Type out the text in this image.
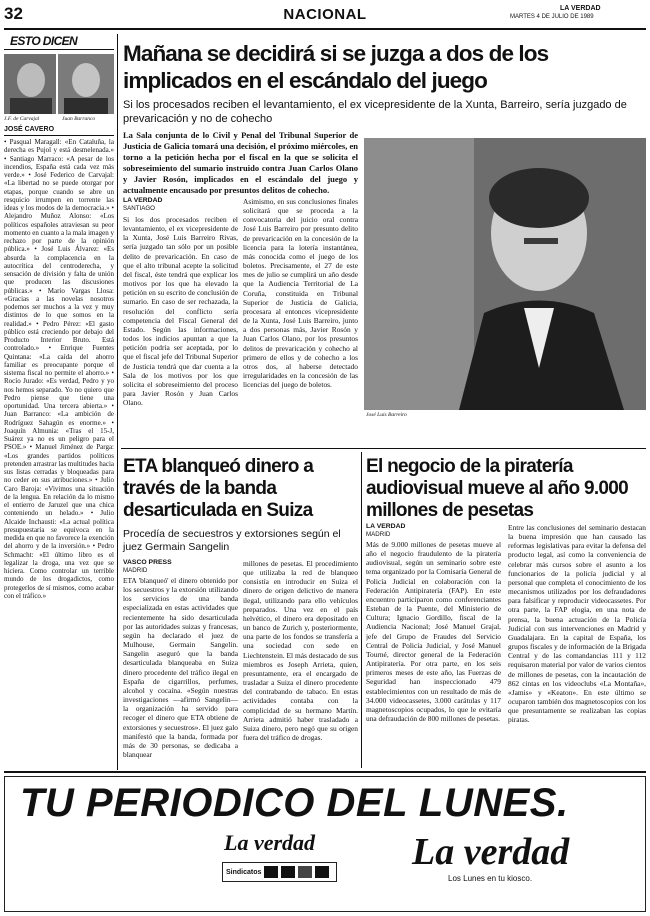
32	NACIONAL	LA VERDAD
MARTES 4 DE JULIO DE 1989
ESTO DICEN
J.F. de Carvajal	Juan Barranco
JOSÉ CAVERO
• Pasqual Maragall: «En Cataluña, la derecha es Pujol y está desmelenada.» • Santiago Marraco: «A pesar de los incendios, España está cada vez más verde.» • José Federico de Carvajal: «La libertad no se puede otorgar por etapas, porque cuando se abre un resquicio irrumpen en torrente las ideas y los modos de la democracia.» • Alejandro Muñoz Alonso: «Los políticos españoles atraviesan su peor momento en cuanto a la mala imagen y rechazo por parte de la opinión pública.» • José Luis Álvarez: «Es absurda la complacencia en la autocrítica del centroderecha, y sensación de división y falta de unión que producen las discusiones públicas.» • Mario Vargas Llosa: «Gracias a las novelas nosotros podemos ser muchos a la vez y muy distintos de lo que somos en la realidad.» • Pedro Pérez: «El gasto público está creciendo por debajo del Producto Interior Bruto. Está controlado.» • Enrique Fuentes Quintana: «La caída del ahorro familiar es preocupante porque el sistema fiscal no permite el ahorro.» • Rocío Jurado: «Es verdad, Pedro y yo nos hemos separado. Yo no quiero que Pedro piense que tiene una oportunidad. Una tercera abierta.» • Juan Barranco: «La ambición de Rodríguez Sahagún es enorme.» • Joaquín Almunia: «Tras el 15-J, Suárez ya no es un peligro para el PSOE.» • Manuel Jiménez de Parga: «Los grandes partidos políticos pretenden arrastrar las multitudes hacia sus listas cerradas y bloqueadas para no ceder en sus atribuciones.» • Julio Caro Baroja: «Vivimos una situación de la lengua. En relación da lo mismo el entierro de Jaruzel que una chica conteniendo un helado.» • Julio Alcaide Inchausti: «La actual política presupuestaria se equivoca en la medida en que no favorece la exención del ahorro y de la inversión.» • Pedro Schmacht: «El último libro es el legalizar la droga, una vez que se hiciera. Como controlar un terrible mundo de los drogadictos, como protegerlos de sí mismos, como acabar con el tráfico.»
Mañana se decidirá si se juzga a dos de los implicados en el escándalo del juego
Si los procesados reciben el levantamiento, el ex vicepresidente de la Xunta, Barreiro, sería juzgado de prevaricación y no de cohecho
La Sala conjunta de lo Civil y Penal del Tribunal Superior de Justicia de Galicia tomará una decisión, el próximo miércoles, en torno a la petición hecha por el fiscal en la que se solicita el sobreseimiento del sumario instruido contra Juan Carlos Olano y Javier Rosón, implicados en el escándalo del juego y actualmente encausado por presuntos delitos de cohecho.
LA VERDAD
SANTIAGO
Si los dos procesados reciben el levantamiento, el ex vicepresidente de la Xunta, José Luis Barreiro Rivas, sería juzgado tan sólo por un posible delito de prevaricación. En caso de que el alto tribunal acepte la solicitud del fiscal, éste tendrá que explicar los motivos por los que ha elevado la petición en su escrito de conclusión de sumario. En caso de ser rechazada, la resolución del conflicto sería competencia del Fiscal General del Estado. Según las informaciones, todos los indicios apuntan a que la petición podría ser aceptada, por lo que el fiscal jefe del Tribunal Superior de Justicia tendrá que dar cuenta a la Sala de los motivos por los que solicita el sobreseimiento del proceso para Javier Rosón y Juan Carlos Olano.
Asimismo, en sus conclusiones finales solicitará que se proceda a la convocatoria del juicio oral contra José Luis Barreiro por presunto delito de prevaricación en la concesión de la licencia para la lotería instantánea, más conocida como el juego de los boletos. Precisamente, el 27 de este mes de julio se cumplirá un año desde que la Audiencia Territorial de La Coruña, constituida en Tribunal Superior de Justicia de Galicia, procesara al entonces vicepresidente de la Xunta, José Luis Barreiro, junto a dos personas más, Javier Rosón y Juan Carlos Olano, por los presuntos delitos de prevaricación y cohecho al primero de ellos y de cohecho a los otros dos, al haberse detectado irregularidades en la concesión de las licencias del juego de boletos.
José Luis Barreiro
ETA blanqueó dinero a través de la banda desarticulada en Suiza
Procedía de secuestros y extorsiones según el juez Germain Sangelin
VASCO PRESS
MADRID
ETA 'blanqueó' el dinero obtenido por los secuestros y la extorsión utilizando los servicios de una banda especializada en estas actividades que recientemente ha sido desarticulada por las autoridades suizas y francesas, según ha declarado el juez de Mulhouse, Germain Sangelin. Sangelin aseguró que la banda desarticulada blanqueaba en Suiza dinero procedente del tráfico ilegal en España de cigarrillos, perfumes, alcohol y cocaína. «Según nuestras investigaciones —afirmó Sangelin— la organización ha servido para recoger el dinero que ETA obtiene de extorsiones y secuestros». El juez galo manifestó que la banda, formada por más de 30 personas, se dedicaba a blanquear
millones de pesetas. El procedimiento que utilizaba la red de blanqueo consistía en introducir en Suiza el dinero de origen delictivo de manera ilegal, utilizando para ello vehículos preparados. Una vez en el país helvético, el dinero era depositado en un banco de Zurich y, posteriormente, una parte de los fondos se transfería a una sociedad con sede en Liechtenstein. El más destacado de sus miembros es Joseph Arrieta, quien, presuntamente, era el encargado de trasladar a Suiza el dinero procedente del contrabando de tabaco. En estas actividades contaba con la complicidad de su hermano Martín. Arrieta admitió haber trasladado a Suiza dinero, pero negó que su origen fuera del tráfico de drogas.
El negocio de la piratería audiovisual mueve al año 9.000 millones de pesetas
LA VERDAD
MADRID
Más de 9.000 millones de pesetas mueve al año el negocio fraudulento de la piratería audiovisual, según un seminario sobre este tema organizado por la Comisaría General de Policía Judicial en colaboración con la Federación Antipiratería (FAP). En este encuentro participaron como conferenciantes Esteban de la Puente, del Ministerio de Cultura; Ignacio Gordillo, fiscal de la Audiencia Nacional; José Manuel Grajal, jefe del Grupo de Fraudes del Servicio Central de Policía Judicial, y José Manuel Tourné, director general de la Federación Antipiratería. Por otra parte, en los seis primeros meses de este año, las Fuerzas de Seguridad han inspeccionado 479 establecimientos con un resultado de más de 34.000 videocassetes, 3.000 carátulas y 117 magnetoscopios ocupados, lo que le evitaría una defraudación de 800 millones de pesetas.
Entre las conclusiones del seminario destacan la buena impresión que han causado las reformas legislativas para evitar la defensa del producto legal, así como la conveniencia de celebrar más cursos sobre el asunto a los funcionarios de la policía judicial y al personal que completa el conocimiento de los mecanismos utilizados por los defraudadores para falsificar y reproducir videocassetes. Por otra parte, la FAP elogia, en una nota de prensa, la buena actuación de la Policía Judicial con sus intervenciones en Madrid y Guadalajara. En la capital de España, los grupos fiscales y de información de la Brigada Central y de las comandancias 111 y 112 requisaron material por valor de varios cientos de millones de pesetas, con la incautación de 862 cintas en los videoclubs «La Montaña», «Jamis» y «Keaton». En este último se ocuparon también dos magnetoscopios con los que presuntamente se realizaban las copias piratas.
TU PERIODICO DEL LUNES.
La verdad
Sindicatos	La verdad
Los Lunes en tu kiosco.
